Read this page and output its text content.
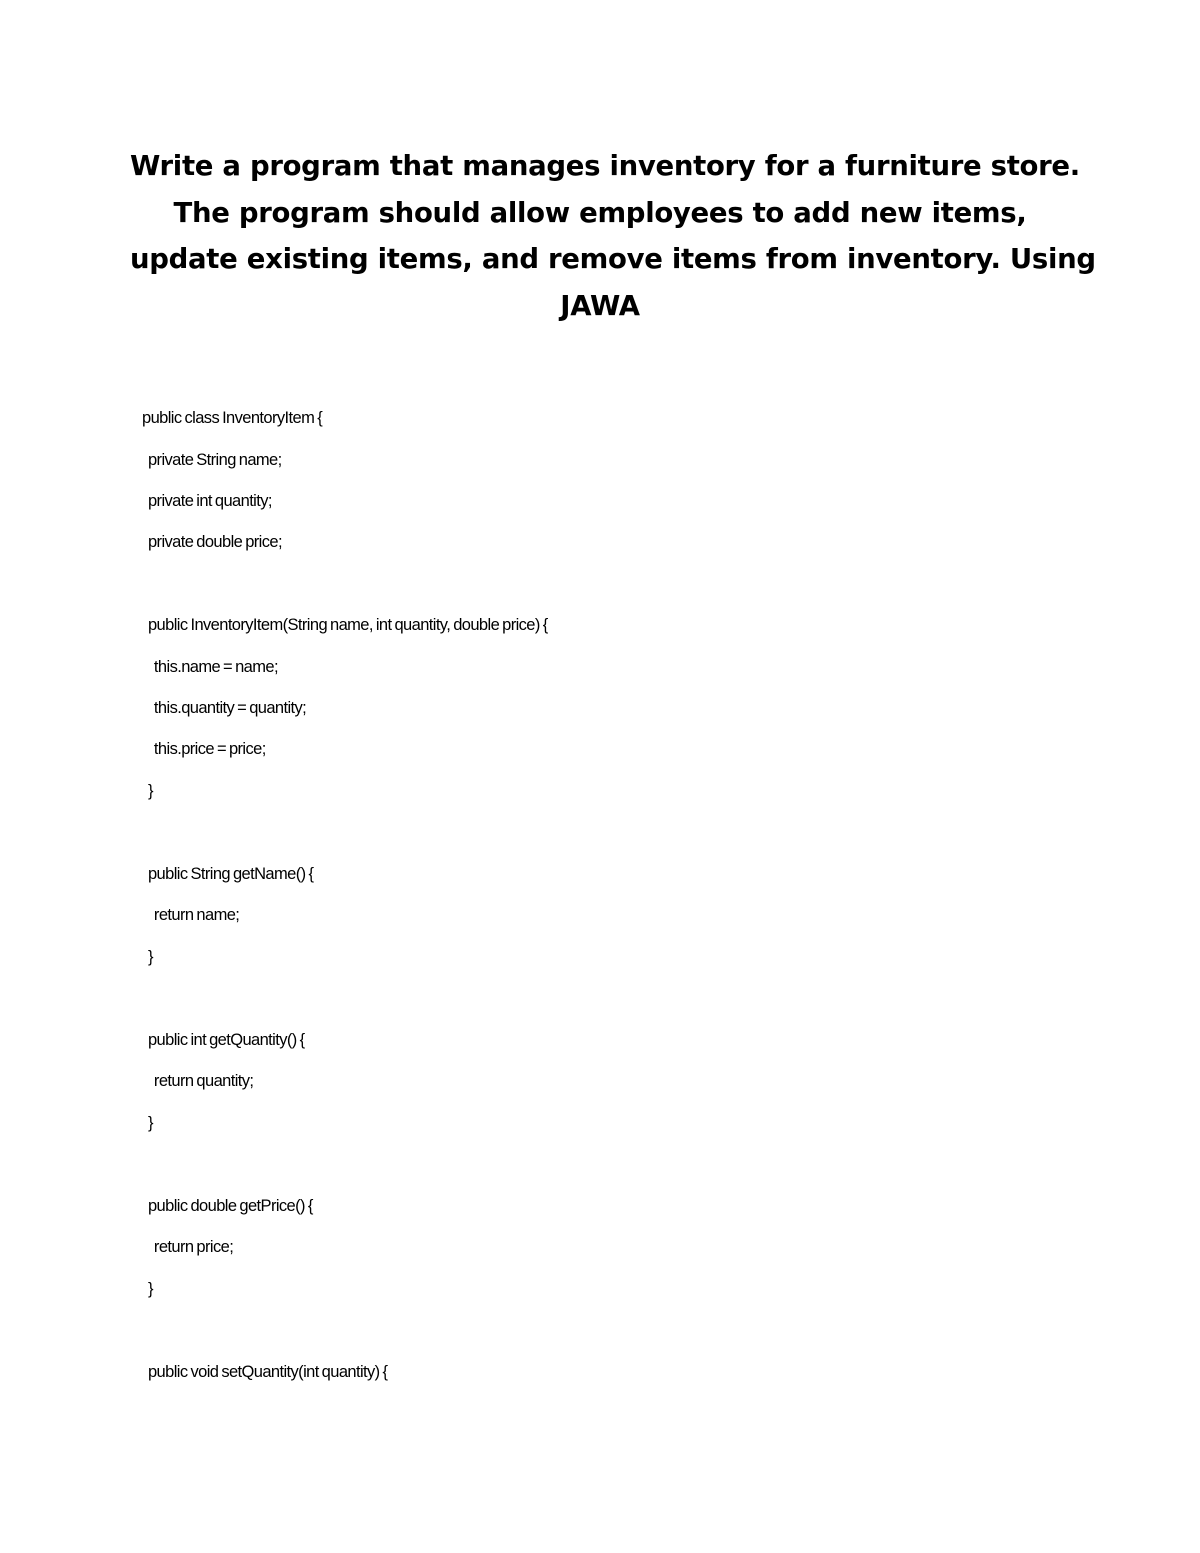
Write a program that manages inventory for a furniture store.
The program should allow employees to add new items,
update existing items, and remove items from inventory. Using
JAWA
public class InventoryItem {
private String name;
private int quantity;
private double price;
public InventoryItem(String name, int quantity, double price) {
this.name = name;
this.quantity = quantity;
this.price = price;
}
public String getName() {
return name;
}
public int getQuantity() {
return quantity;
}
public double getPrice() {
return price;
}
public void setQuantity(int quantity) {
